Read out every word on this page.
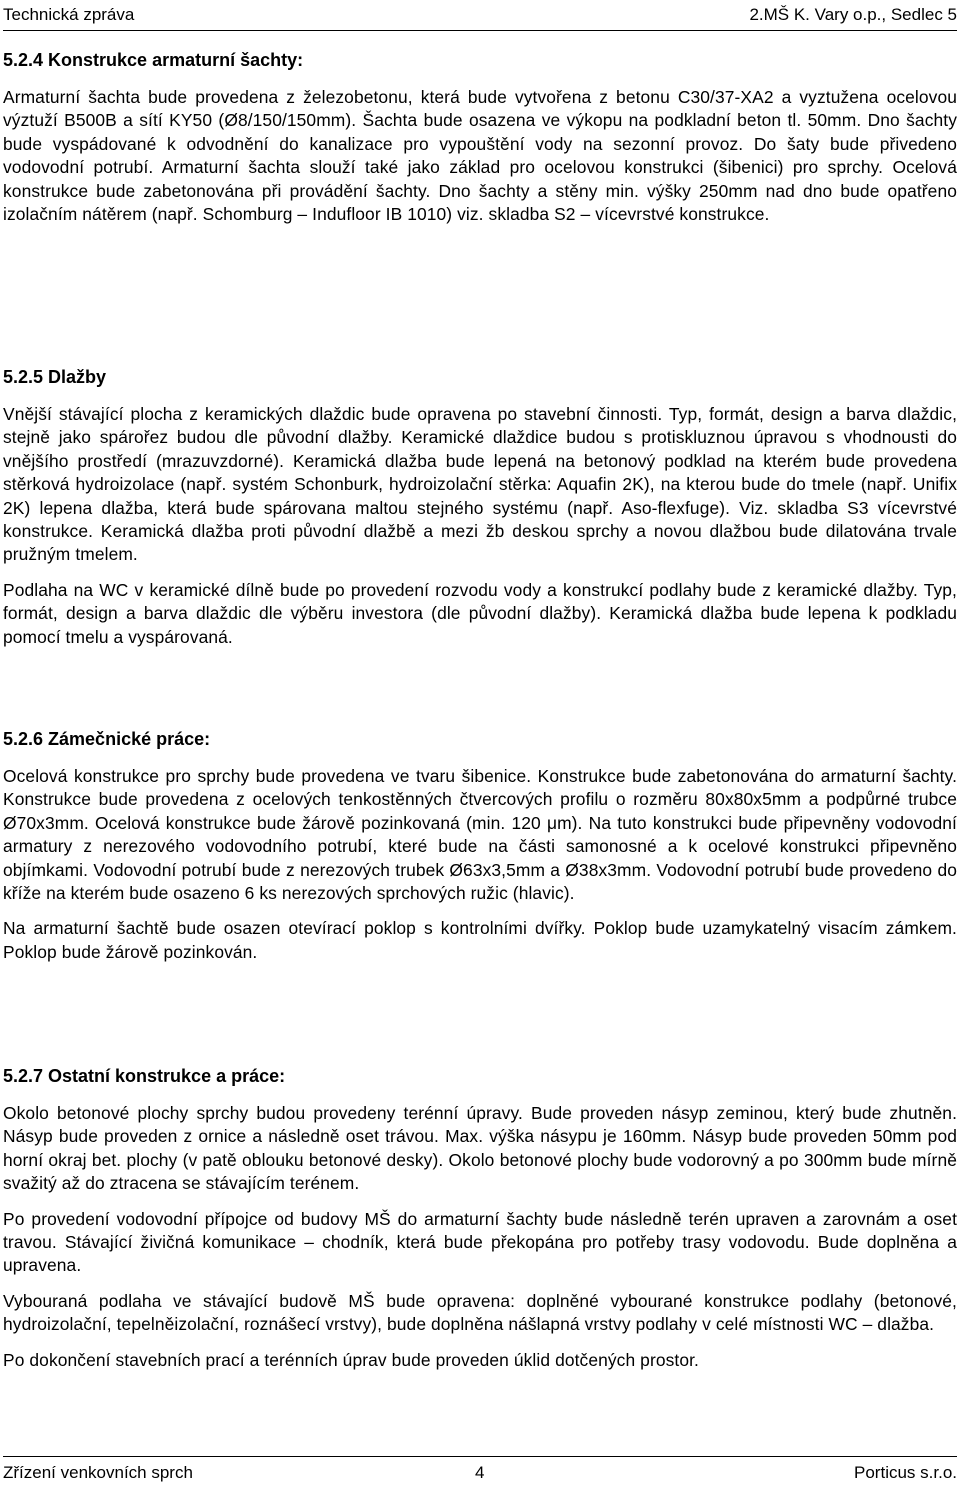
Technická zpráva	2.MŠ K. Vary o.p., Sedlec 5
5.2.4 Konstrukce armaturní šachty:

Armaturní šachta bude provedena z železobetonu, která bude vytvořena z betonu C30/37-XA2 a vyztužena ocelovou výztuží B500B a sítí KY50 (Ø8/150/150mm). Šachta bude osazena ve výkopu na podkladní beton tl. 50mm. Dno šachty bude vyspádované k odvodnění do kanalizace pro vypouštění vody na sezonní provoz. Do šaty bude přivedeno vodovodní potrubí. Armaturní šachta slouží také jako základ pro ocelovou konstrukci (šibenici) pro sprchy. Ocelová konstrukce bude zabetonována při provádění šachty. Dno šachty a stěny min. výšky 250mm nad dno bude opatřeno izolačním nátěrem (např. Schomburg – Indufloor IB 1010) viz. skladba S2 – vícevrstvé konstrukce.

5.2.5 Dlažby

Vnější stávající plocha z keramických dlaždic bude opravena po stavební činnosti. Typ, formát, design a barva dlaždic, stejně jako spárořez budou dle původní dlažby. Keramické dlaždice budou s protiskluznou úpravou s vhodnousti do vnějšího prostředí (mrazuvzdorné). Keramická dlažba bude lepená na betonový podklad na kterém bude provedena stěrková hydroizolace (např. systém Schonburk, hydroizolační stěrka: Aquafin 2K), na kterou bude do tmele (např. Unifix 2K) lepena dlažba, která bude spárovana maltou stejného systému (např. Aso-flexfuge). Viz. skladba S3 vícevrstvé konstrukce. Keramická dlažba proti původní dlažbě a mezi žb deskou sprchy a novou dlažbou bude dilatována trvale pružným tmelem.

Podlaha na WC v keramické dílně bude po provedení rozvodu vody a konstrukcí podlahy bude z keramické dlažby. Typ, formát, design a barva dlaždic dle výběru investora (dle původní dlažby). Keramická dlažba bude lepena k podkladu pomocí tmelu a vyspárovaná.

5.2.6 Zámečnické práce:

Ocelová konstrukce pro sprchy bude provedena ve tvaru šibenice. Konstrukce bude zabetonována do armaturní šachty. Konstrukce bude provedena z ocelových tenkostěnných čtvercových profilu o rozměru 80x80x5mm a podpůrné trubce Ø70x3mm. Ocelová konstrukce bude žárově pozinkovaná (min. 120 μm). Na tuto konstrukci bude připevněny vodovodní armatury z nerezového vodovodního potrubí, které bude na části samonosné a k ocelové konstrukci připevněno objímkami. Vodovodní potrubí bude z nerezových trubek Ø63x3,5mm a Ø38x3mm. Vodovodní potrubí bude provedeno do kříže na kterém bude osazeno 6 ks nerezových sprchových ružic (hlavic).

Na armaturní šachtě bude osazen otevírací poklop s kontrolními dvířky. Poklop bude uzamykatelný visacím zámkem. Poklop bude žárově pozinkován.

5.2.7 Ostatní konstrukce a práce:

Okolo betonové plochy sprchy budou provedeny terénní úpravy. Bude proveden násyp zeminou, který bude zhutněn. Násyp bude proveden z ornice a následně oset trávou. Max. výška násypu je 160mm. Násyp bude proveden 50mm pod horní okraj bet. plochy (v patě oblouku betonové desky). Okolo betonové plochy bude vodorovný a po 300mm bude mírně svažitý až do ztracena se stávajícím terénem.

Po provedení vodovodní přípojce od budovy MŠ do armaturní šachty bude následně terén upraven a zarovnám a oset travou. Stávající živičná komunikace – chodník, která bude překopána pro potřeby trasy vodovodu. Bude doplněna a upravena.

Vybouraná podlaha ve stávající budově MŠ bude opravena: doplněné vybourané konstrukce podlahy (betonové, hydroizolační, tepelněizolační, roznášecí vrstvy), bude doplněna nášlapná vrstvy podlahy v celé místnosti WC – dlažba.

Po dokončení stavebních prací a terénních úprav bude proveden úklid dotčených prostor.

Zřízení venkovních sprch	4	Porticus s.r.o.
